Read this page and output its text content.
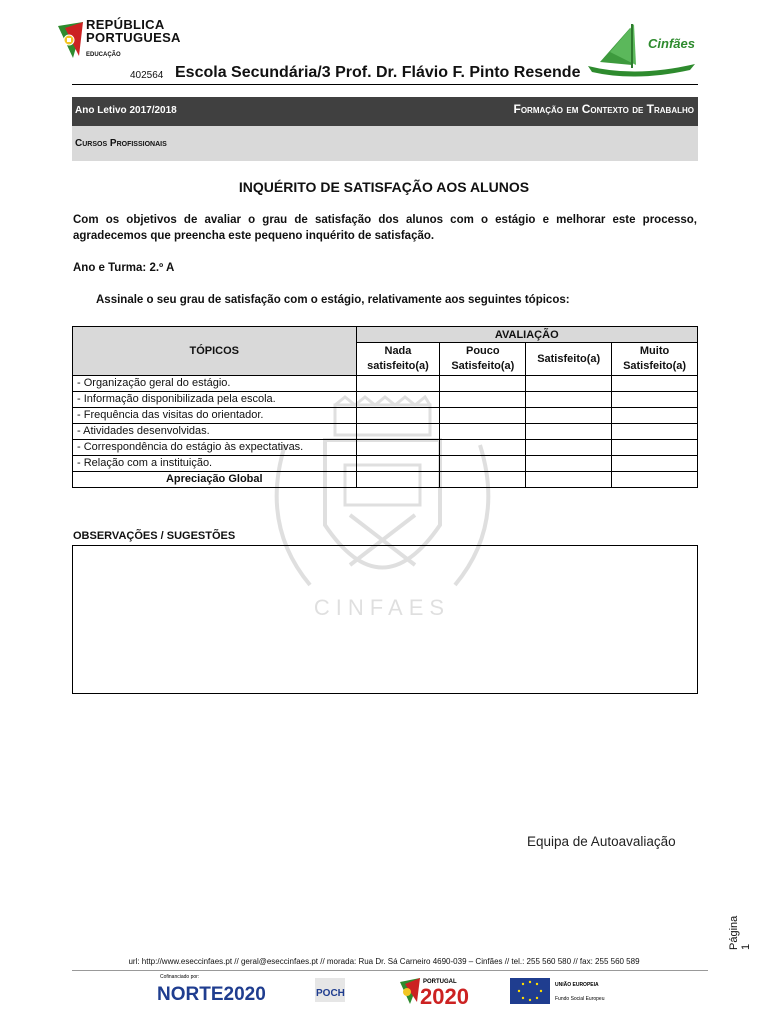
REPÚBLICA
PORTUGUESA
EDUCAÇÃO
402564 Escola Secundária/3 Prof. Dr. Flávio F. Pinto Resende
Cinfães
Ano Letivo 2017/2018	Formação em Contexto de Trabalho
Cursos Profissionais
INQUÉRITO DE SATISFAÇÃO AOS ALUNOS
Com os objetivos de avaliar o grau de satisfação dos alunos com o estágio e melhorar este processo, agradecemos que preencha este pequeno inquérito de satisfação.
Ano e Turma: 2.º A
Assinale o seu grau de satisfação com o estágio, relativamente aos seguintes tópicos:
CINFAES
TÓPICOS	AVALIAÇÃO			
	Nada satisfeito(a)	Pouco Satisfeito(a)	Satisfeito(a)	Muito Satisfeito(a)
- Organização geral do estágio.				
- Informação disponibilizada pela escola.				
- Frequência das visitas do orientador.				
- Atividades desenvolvidas.				
- Correspondência do estágio às expectativas.				
- Relação com a instituição.				
Apreciação Global				
OBSERVAÇÕES / SUGESTÕES
Equipa de Autoavaliação
Página 1
url: http://www.eseccinfaes.pt // geral@eseccinfaes.pt // morada: Rua Dr. Sá Carneiro 4690-039 – Cinfães // tel.: 255 560 580 // fax: 255 560 589
Cofinanciado por:
NORTE2020	POCH
PORTUGAL
2020	UNIÃO EUROPEIA
Fundo Social Europeu
